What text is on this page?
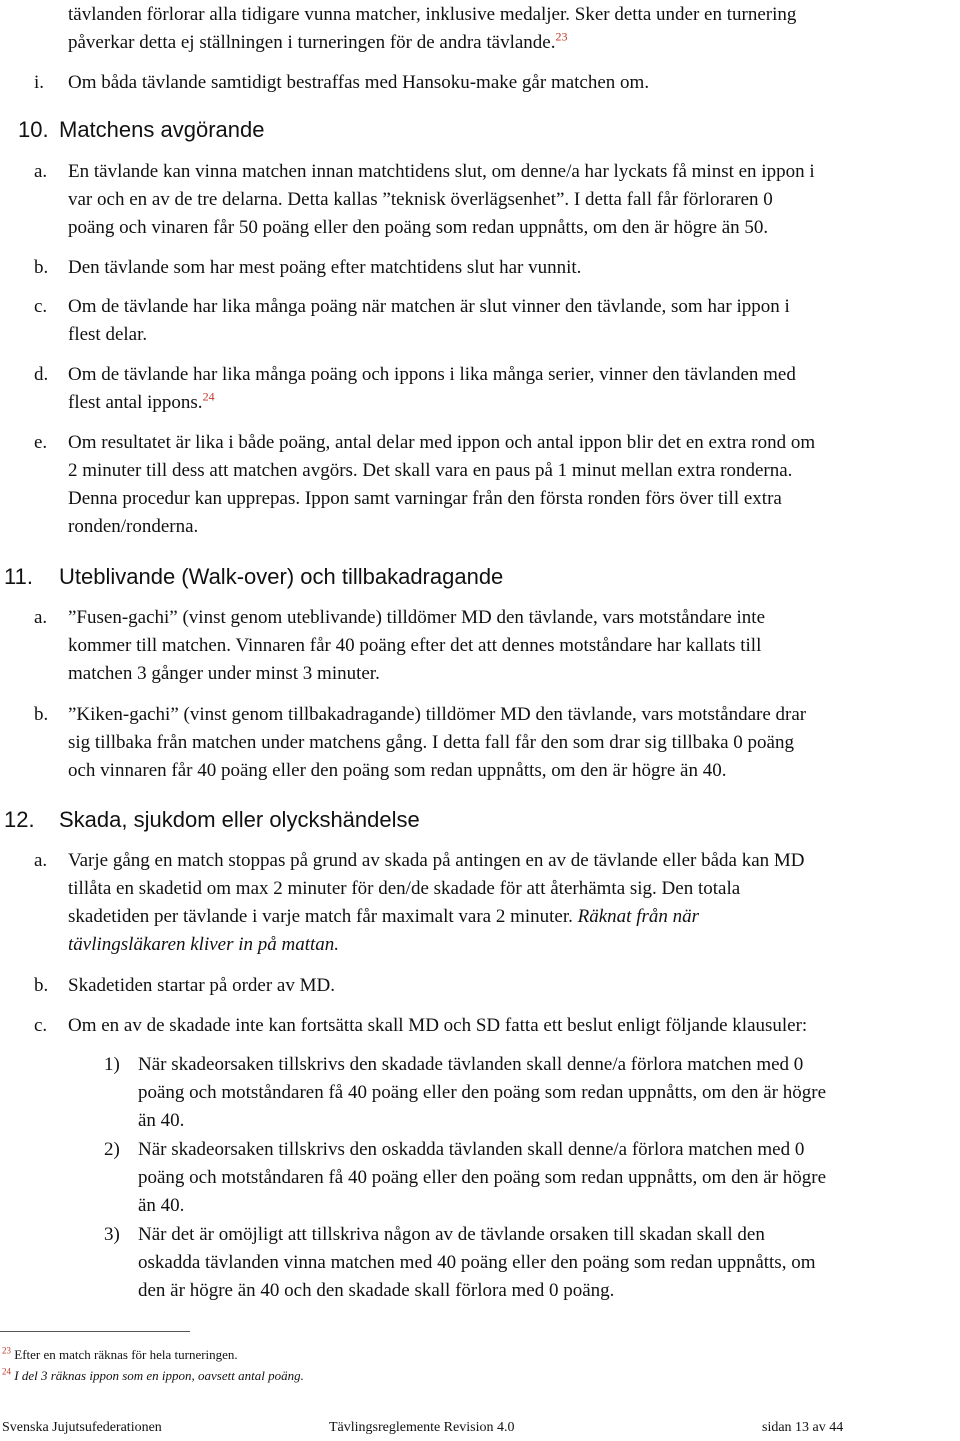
tävlanden förlorar alla tidigare vunna matcher, inklusive medaljer. Sker detta under en turnering
påverkar detta ej ställningen i turneringen för de andra tävlande.$^{23}$
i. Om båda tävlande samtidigt bestraffas med Hansoku-make går matchen om.
10. Matchens avgörande
a. En tävlande kan vinna matchen innan matchtidens slut, om denne/a har lyckats få minst en ippon i
var och en av de tre delarna. Detta kallas ”teknisk överlägsenhet”. I detta fall får förloraren 0
poäng och vinaren får 50 poäng eller den poäng som redan uppnåtts, om den är högre än 50.
b. Den tävlande som har mest poäng efter matchtidens slut har vunnit.
c. Om de tävlande har lika många poäng när matchen är slut vinner den tävlande, som har ippon i
flest delar.
d. Om de tävlande har lika många poäng och ippons i lika många serier, vinner den tävlanden med
flest antal ippons.$^{24}$
e. Om resultatet är lika i både poäng, antal delar med ippon och antal ippon blir det en extra rond om
2 minuter till dess att matchen avgörs. Det skall vara en paus på 1 minut mellan extra ronderna.
Denna procedur kan upprepas. Ippon samt varningar från den första ronden förs över till extra
ronden/ronderna.
11. Uteblivande (Walk-over) och tillbakadragande
a. ”Fusen-gachi” (vinst genom uteblivande) tilldömer MD den tävlande, vars motståndare inte
kommer till matchen. Vinnaren får 40 poäng efter det att dennes motståndare har kallats till
matchen 3 gånger under minst 3 minuter.
b. ”Kiken-gachi” (vinst genom tillbakadragande) tilldömer MD den tävlande, vars motståndare drar
sig tillbaka från matchen under matchens gång. I detta fall får den som drar sig tillbaka 0 poäng
och vinnaren får 40 poäng eller den poäng som redan uppnåtts, om den är högre än 40.
12. Skada, sjukdom eller olyckshändelse
a. Varje gång en match stoppas på grund av skada på antingen en av de tävlande eller båda kan MD
tillåta en skadetid om max 2 minuter för den/de skadade för att återhämta sig. Den totala
skadetiden per tävlande i varje match får maximalt vara 2 minuter. Räknat från när
tävlingsläkaren kliver in på mattan.
b. Skadetiden startar på order av MD.
c. Om en av de skadade inte kan fortsätta skall MD och SD fatta ett beslut enligt följande klausuler:
1) När skadeorsaken tillskrivs den skadade tävlanden skall denne/a förlora matchen med 0
poäng och motståndaren få 40 poäng eller den poäng som redan uppnåtts, om den är högre
än 40.
2) När skadeorsaken tillskrivs den oskadda tävlanden skall denne/a förlora matchen med 0
poäng och motståndaren få 40 poäng eller den poäng som redan uppnåtts, om den är högre
än 40.
3) När det är omöjligt att tillskriva någon av de tävlande orsaken till skadan skall den
oskadda tävlanden vinna matchen med 40 poäng eller den poäng som redan uppnåtts, om
den är högre än 40 och den skadade skall förlora med 0 poäng.
$^{23}$ Efter en match räknas för hela turneringen.
$^{24}$ I del 3 räknas ippon som en ippon, oavsett antal poäng.
Svenska Jujutsufederationen	Tävlingsreglemente Revision 4.0	sidan 13 av 44
